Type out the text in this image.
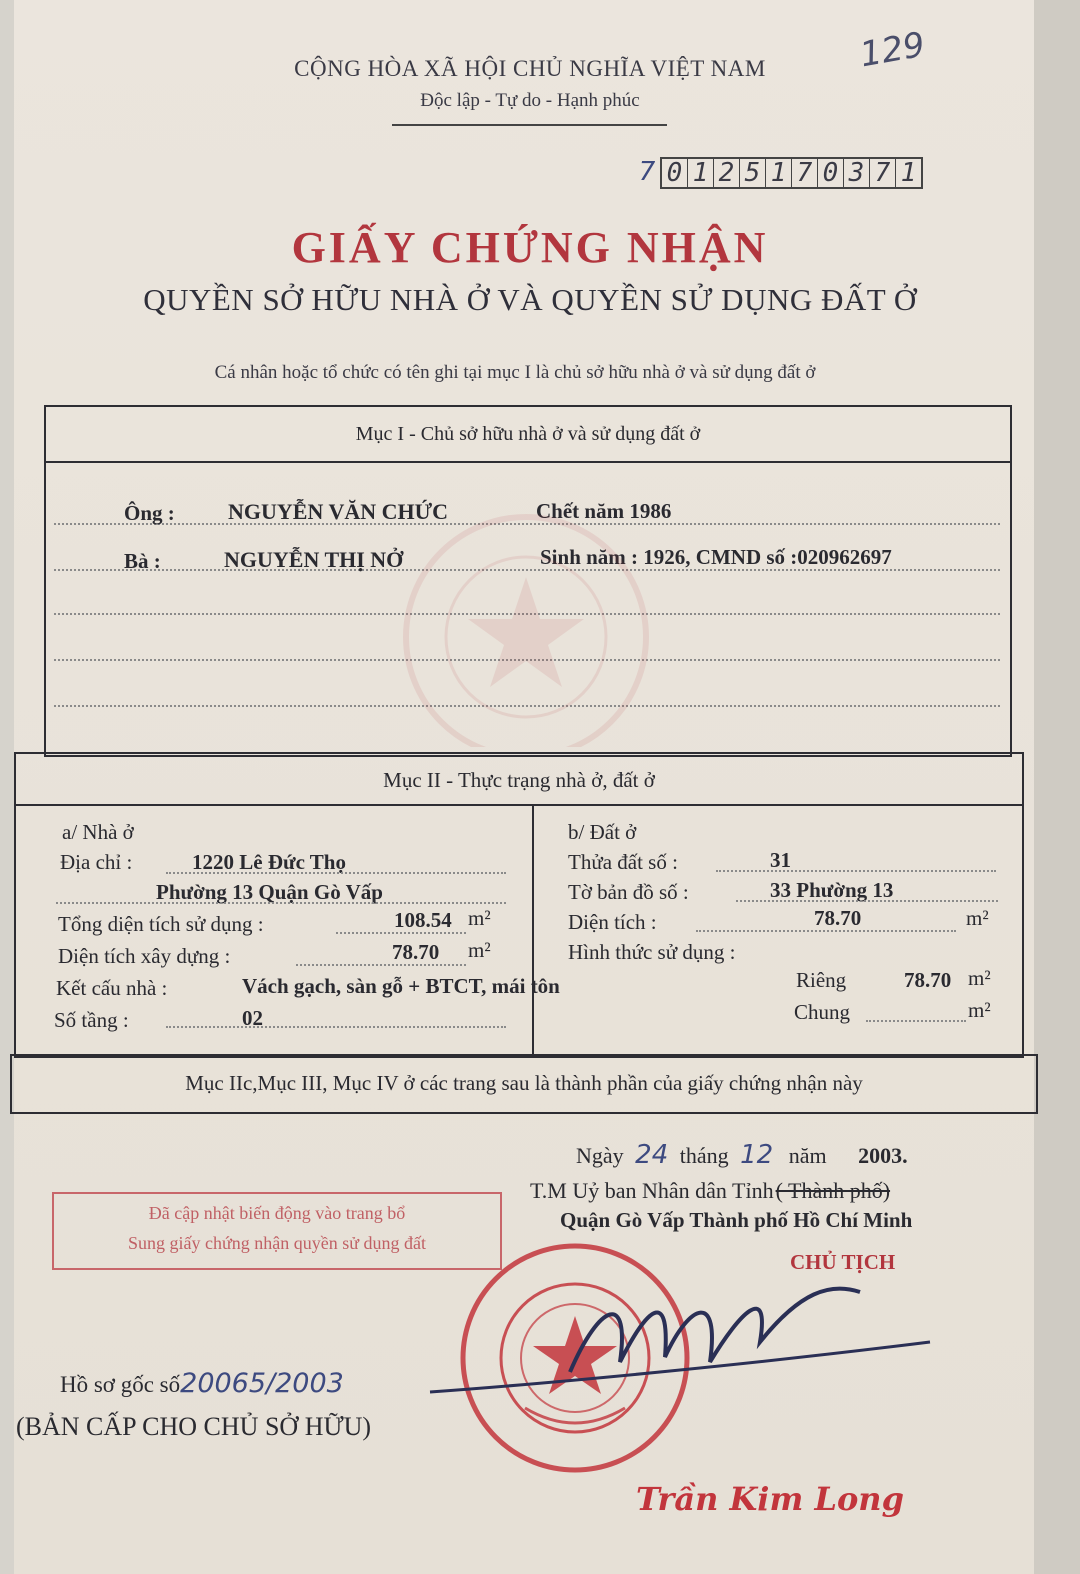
CỘNG HÒA XÃ HỘI CHỦ NGHĨA VIỆT NAM
Độc lập - Tự do - Hạnh phúc
129
7 0 1 2 5 1 7 0 3 7 1
GIẤY CHỨNG NHẬN
QUYỀN SỞ HỮU NHÀ Ở VÀ QUYỀN SỬ DỤNG ĐẤT Ở
Cá nhân hoặc tổ chức có tên ghi tại mục I là chủ sở hữu nhà ở và sử dụng đất ở
Mục I - Chủ sở hữu nhà ở và sử dụng đất ở
Ông : NGUYỄN VĂN CHỨC	Chết năm 1986
Bà :	NGUYỄN THỊ NỞ	Sinh năm : 1926, CMND số :020962697
Mục II - Thực trạng nhà ở, đất ở
a/ Nhà ở
Địa chỉ :	1220 Lê Đức Thọ
Phường 13 Quận Gò Vấp
Tổng diện tích sử dụng :	108.54 m²
Diện tích xây dựng :	78.70 m²
Kết cấu nhà :	Vách gạch, sàn gỗ + BTCT, mái tôn
Số tầng :	02
b/ Đất ở
Thửa đất số :	31
Tờ bản đồ số :	33 Phường 13
Diện tích :	78.70	m²
Hình thức sử dụng :
Riêng	78.70 m²
Chung	m²
Mục IIc,Mục III, Mục IV ở các trang sau là thành phần của giấy chứng nhận này
Ngày 24 tháng 12 năm 2003.
T.M Uỷ ban Nhân dân Tỉnh( Thành phố)
Quận Gò Vấp Thành phố Hồ Chí Minh
CHỦ TỊCH
Đã cập nhật biến động vào trang bổ
Sung giấy chứng nhận quyền sử dụng đất
Trần Kim Long
Hồ sơ gốc số20065/2003
(BẢN CẤP CHO CHỦ SỞ HỮU)
